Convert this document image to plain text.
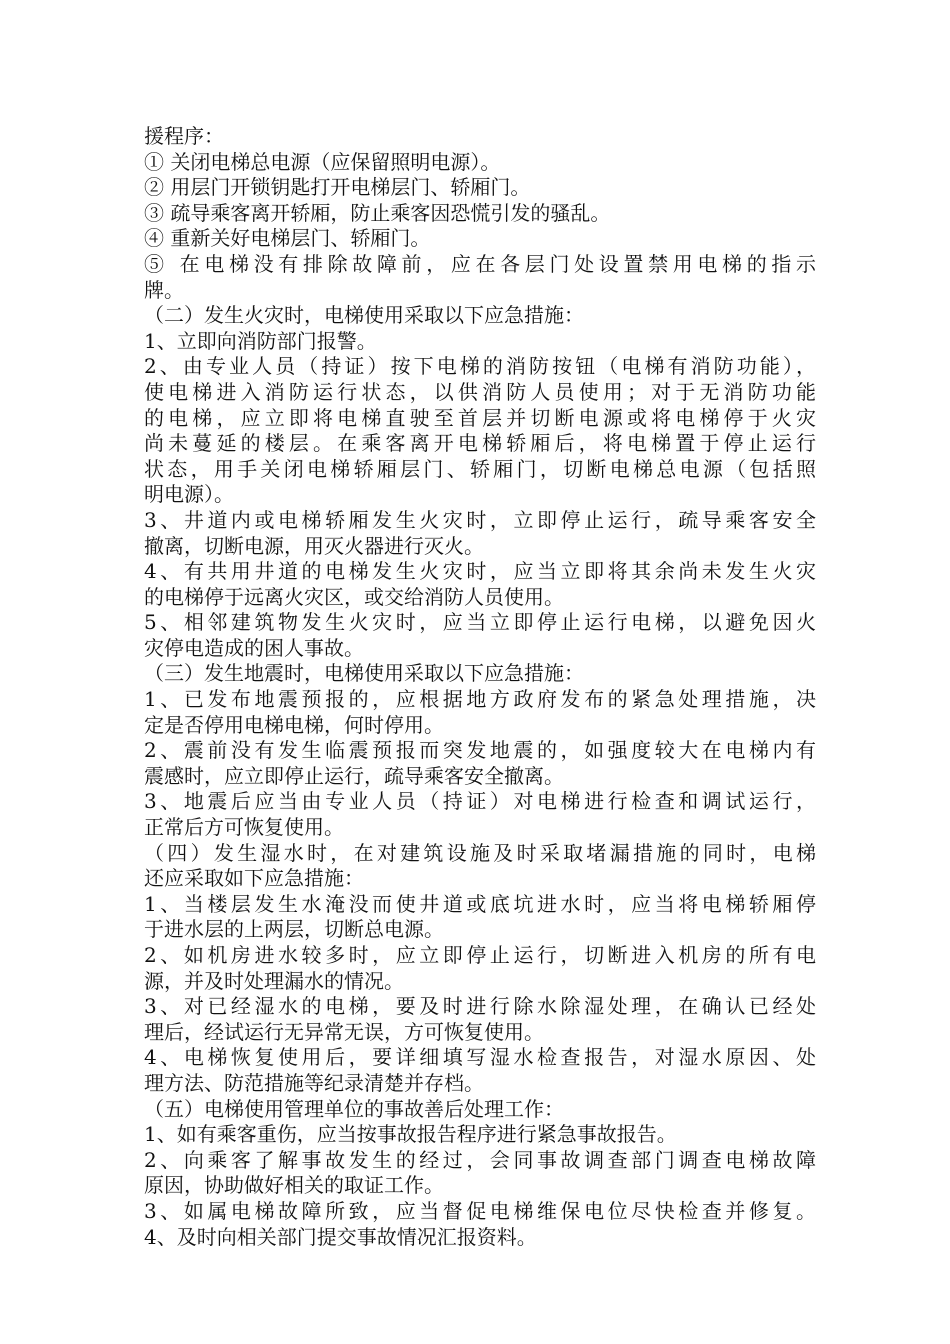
援程序：
① 关闭电梯总电源（应保留照明电源）。
② 用层门开锁钥匙打开电梯层门、轿厢门。
③ 疏导乘客离开轿厢，防止乘客因恐慌引发的骚乱。
④ 重新关好电梯层门、轿厢门。
⑤ 在电梯没有排除故障前，应在各层门处设置禁用电梯的指示
牌。
（二）发生火灾时，电梯使用采取以下应急措施：
1、立即向消防部门报警。
2、由专业人员（持证）按下电梯的消防按钮（电梯有消防功能），
使电梯进入消防运行状态，以供消防人员使用；对于无消防功能
的电梯，应立即将电梯直驶至首层并切断电源或将电梯停于火灾
尚未蔓延的楼层。在乘客离开电梯轿厢后，将电梯置于停止运行
状态，用手关闭电梯轿厢层门、轿厢门，切断电梯总电源（包括照
明电源）。
3、井道内或电梯轿厢发生火灾时，立即停止运行，疏导乘客安全
撤离，切断电源，用灭火器进行灭火。
4、有共用井道的电梯发生火灾时，应当立即将其余尚未发生火灾
的电梯停于远离火灾区，或交给消防人员使用。
5、相邻建筑物发生火灾时，应当立即停止运行电梯，以避免因火
灾停电造成的困人事故。
（三）发生地震时，电梯使用采取以下应急措施：
1、已发布地震预报的，应根据地方政府发布的紧急处理措施，决
定是否停用电梯电梯，何时停用。
2、震前没有发生临震预报而突发地震的，如强度较大在电梯内有
震感时，应立即停止运行，疏导乘客安全撤离。
3、地震后应当由专业人员（持证）对电梯进行检查和调试运行，
正常后方可恢复使用。
（四）发生湿水时，在对建筑设施及时采取堵漏措施的同时，电梯
还应采取如下应急措施：
1、当楼层发生水淹没而使井道或底坑进水时，应当将电梯轿厢停
于进水层的上两层，切断总电源。
2、如机房进水较多时，应立即停止运行，切断进入机房的所有电
源，并及时处理漏水的情况。
3、对已经湿水的电梯，要及时进行除水除湿处理，在确认已经处
理后，经试运行无异常无误，方可恢复使用。
4、电梯恢复使用后，要详细填写湿水检查报告，对湿水原因、处
理方法、防范措施等纪录清楚并存档。
（五）电梯使用管理单位的事故善后处理工作：
1、如有乘客重伤，应当按事故报告程序进行紧急事故报告。
2、向乘客了解事故发生的经过，会同事故调查部门调查电梯故障
原因，协助做好相关的取证工作。
3、如属电梯故障所致，应当督促电梯维保电位尽快检查并修复。
4、及时向相关部门提交事故情况汇报资料。
